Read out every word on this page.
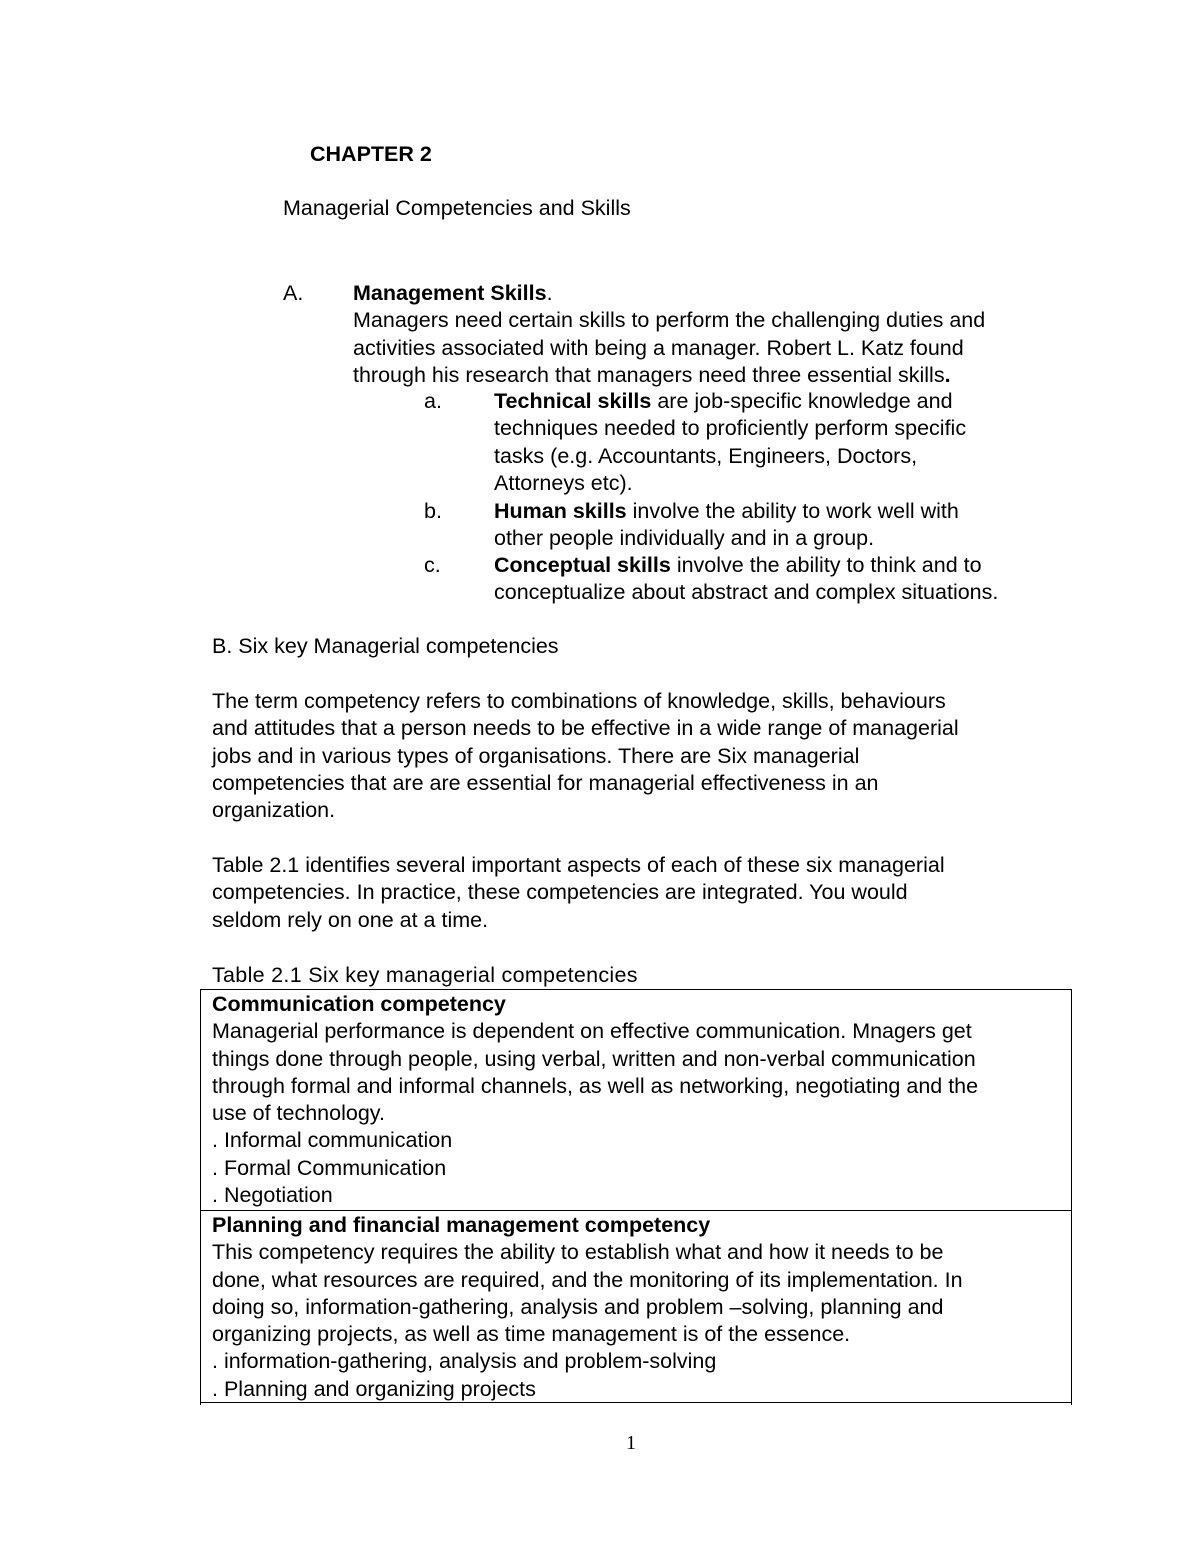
CHAPTER 2
Managerial Competencies and Skills
A. Management Skills.
Managers need certain skills to perform the challenging duties and
activities associated with being a manager. Robert L. Katz found
through his research that managers need three essential skills.
a. Technical skills are job-specific knowledge and
techniques needed to proficiently perform specific
tasks (e.g. Accountants, Engineers, Doctors,
Attorneys etc).
b. Human skills involve the ability to work well with
other people individually and in a group.
c. Conceptual skills involve the ability to think and to
conceptualize about abstract and complex situations.
B. Six key Managerial competencies
The term competency refers to combinations of knowledge, skills, behaviours
and attitudes that a person needs to be effective in a wide range of managerial
jobs and in various types of organisations. There are Six managerial
competencies that are are essential for managerial effectiveness in an
organization.
Table 2.1 identifies several important aspects of each of these six managerial
competencies. In practice, these competencies are integrated. You would
seldom rely on one at a time.
Table 2.1 Six key managerial competencies
Communication competency
Managerial performance is dependent on effective communication. Mnagers get
things done through people, using verbal, written and non-verbal communication
through formal and informal channels, as well as networking, negotiating and the
use of technology.
. Informal communication
. Formal Communication
. Negotiation
Planning and financial management competency
This competency requires the ability to establish what and how it needs to be
done, what resources are required, and the monitoring of its implementation. In
doing so, information-gathering, analysis and problem –solving, planning and
organizing projects, as well as time management is of the essence.
. information-gathering, analysis and problem-solving
. Planning and organizing projects
1
